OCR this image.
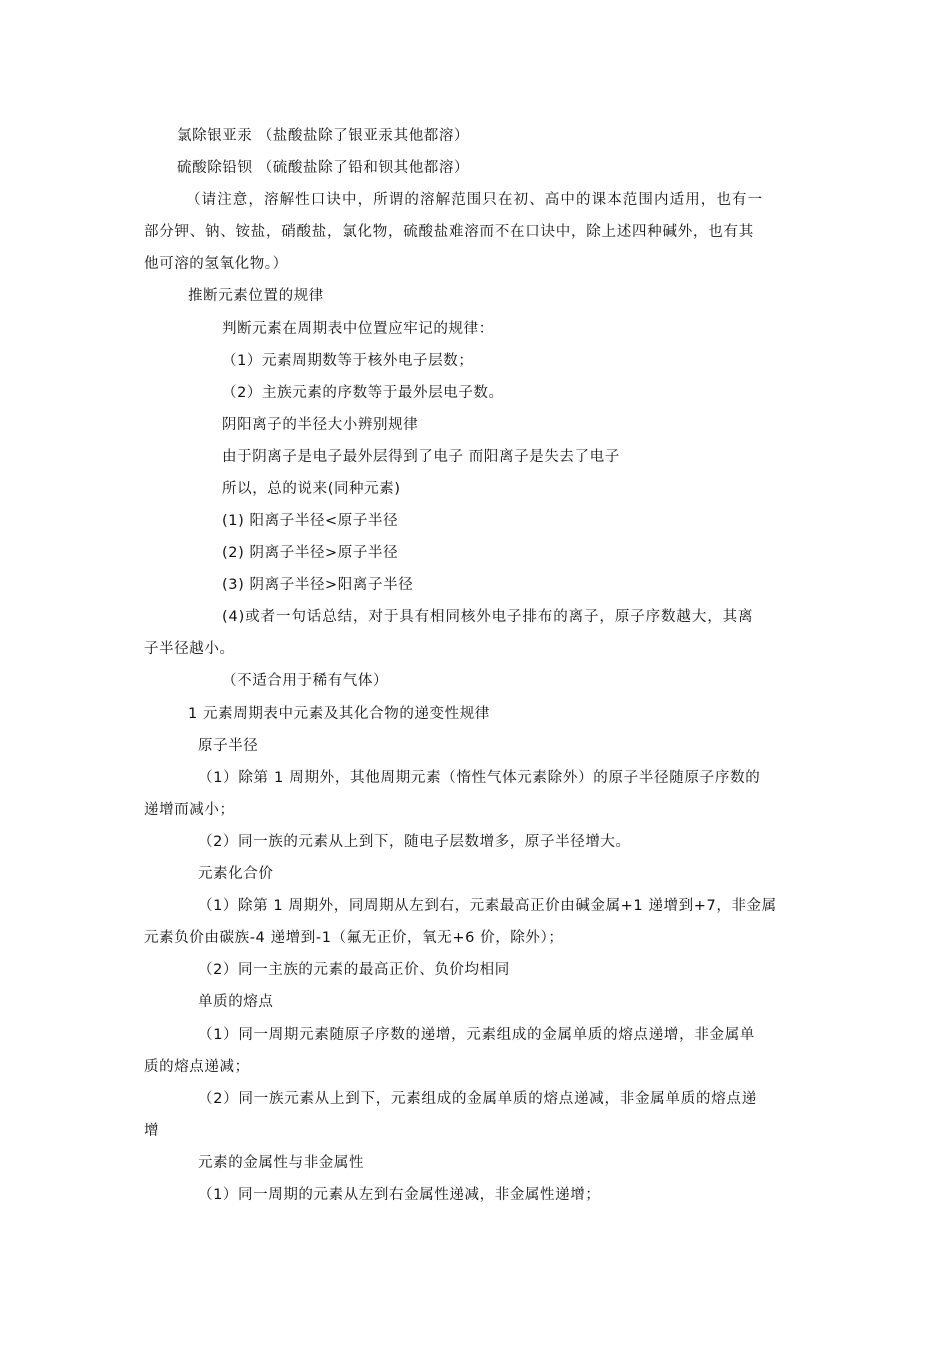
氯除银亚汞 （盐酸盐除了银亚汞其他都溶）

硫酸除铅钡 （硫酸盐除了铅和钡其他都溶）

（请注意，溶解性口诀中，所谓的溶解范围只在初、高中的课本范围内适用，也有一

部分钾、钠、铵盐，硝酸盐，氯化物，硫酸盐难溶而不在口诀中，除上述四种碱外，也有其

他可溶的氢氧化物。）

推断元素位置的规律

判断元素在周期表中位置应牢记的规律：

（1）元素周期数等于核外电子层数；

（2）主族元素的序数等于最外层电子数。

阴阳离子的半径大小辨别规律

由于阴离子是电子最外层得到了电子 而阳离子是失去了电子

所以，总的说来(同种元素)

(1) 阳离子半径<原子半径

(2) 阴离子半径>原子半径

(3) 阴离子半径>阳离子半径

(4)或者一句话总结，对于具有相同核外电子排布的离子，原子序数越大，其离

子半径越小。

（不适合用于稀有气体）

1 元素周期表中元素及其化合物的递变性规律

原子半径

（1）除第 1 周期外，其他周期元素（惰性气体元素除外）的原子半径随原子序数的

递增而减小；

（2）同一族的元素从上到下，随电子层数增多，原子半径增大。

元素化合价

（1）除第 1 周期外，同周期从左到右，元素最高正价由碱金属+1 递增到+7，非金属

元素负价由碳族-4 递增到-1（氟无正价，氧无+6 价，除外）；

（2）同一主族的元素的最高正价、负价均相同

单质的熔点

（1）同一周期元素随原子序数的递增，元素组成的金属单质的熔点递增，非金属单

质的熔点递减；

（2）同一族元素从上到下，元素组成的金属单质的熔点递减，非金属单质的熔点递

增

元素的金属性与非金属性

（1）同一周期的元素从左到右金属性递减，非金属性递增；
